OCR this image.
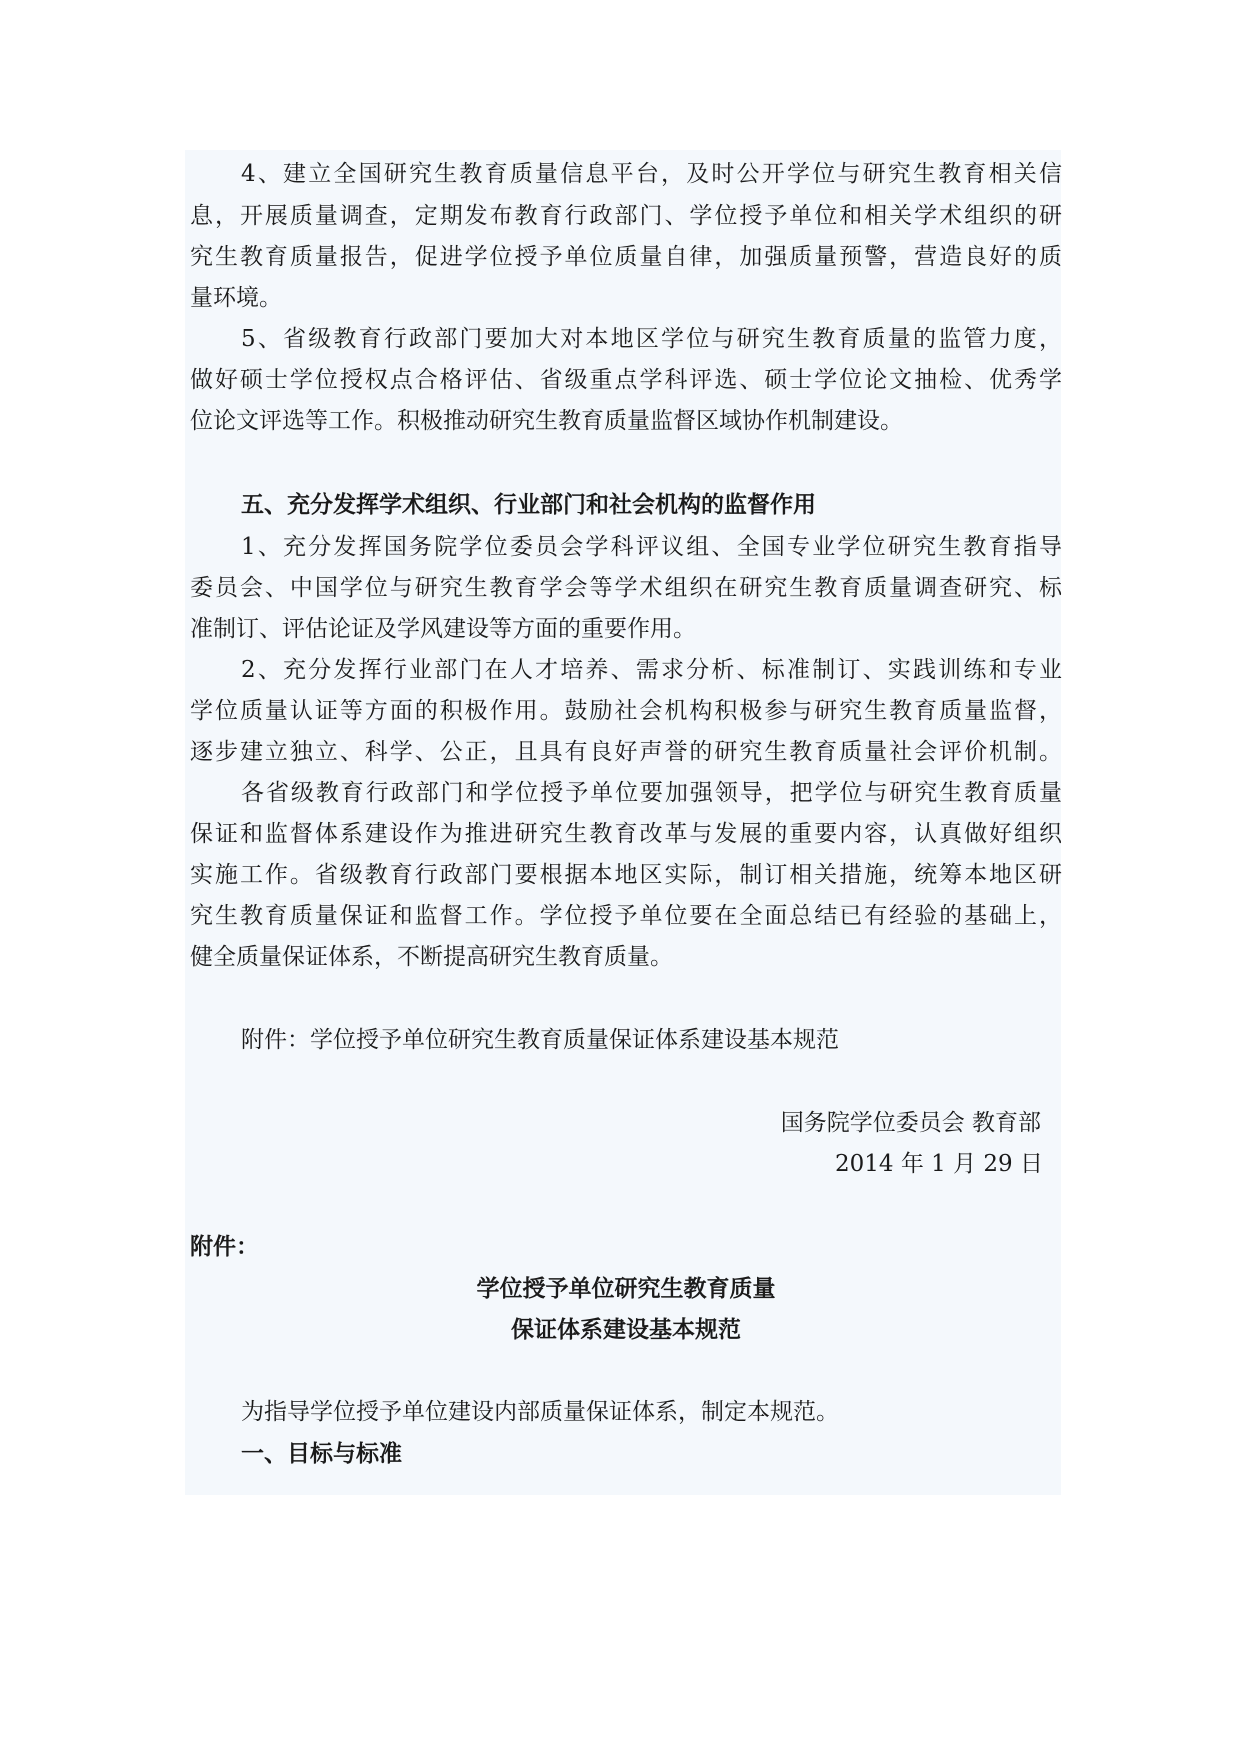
4、建立全国研究生教育质量信息平台，及时公开学位与研究生教育相关信
息，开展质量调查，定期发布教育行政部门、学位授予单位和相关学术组织的研
究生教育质量报告，促进学位授予单位质量自律，加强质量预警，营造良好的质
量环境。
5、省级教育行政部门要加大对本地区学位与研究生教育质量的监管力度，
做好硕士学位授权点合格评估、省级重点学科评选、硕士学位论文抽检、优秀学
位论文评选等工作。积极推动研究生教育质量监督区域协作机制建设。
五、充分发挥学术组织、行业部门和社会机构的监督作用
1、充分发挥国务院学位委员会学科评议组、全国专业学位研究生教育指导
委员会、中国学位与研究生教育学会等学术组织在研究生教育质量调查研究、标
准制订、评估论证及学风建设等方面的重要作用。
2、充分发挥行业部门在人才培养、需求分析、标准制订、实践训练和专业
学位质量认证等方面的积极作用。鼓励社会机构积极参与研究生教育质量监督，
逐步建立独立、科学、公正，且具有良好声誉的研究生教育质量社会评价机制。
各省级教育行政部门和学位授予单位要加强领导，把学位与研究生教育质量
保证和监督体系建设作为推进研究生教育改革与发展的重要内容，认真做好组织
实施工作。省级教育行政部门要根据本地区实际，制订相关措施，统筹本地区研
究生教育质量保证和监督工作。学位授予单位要在全面总结已有经验的基础上，
健全质量保证体系，不断提高研究生教育质量。
附件：学位授予单位研究生教育质量保证体系建设基本规范
国务院学位委员会 教育部
2014 年 1 月 29 日
附件：
学位授予单位研究生教育质量
保证体系建设基本规范
为指导学位授予单位建设内部质量保证体系，制定本规范。
一、目标与标准
